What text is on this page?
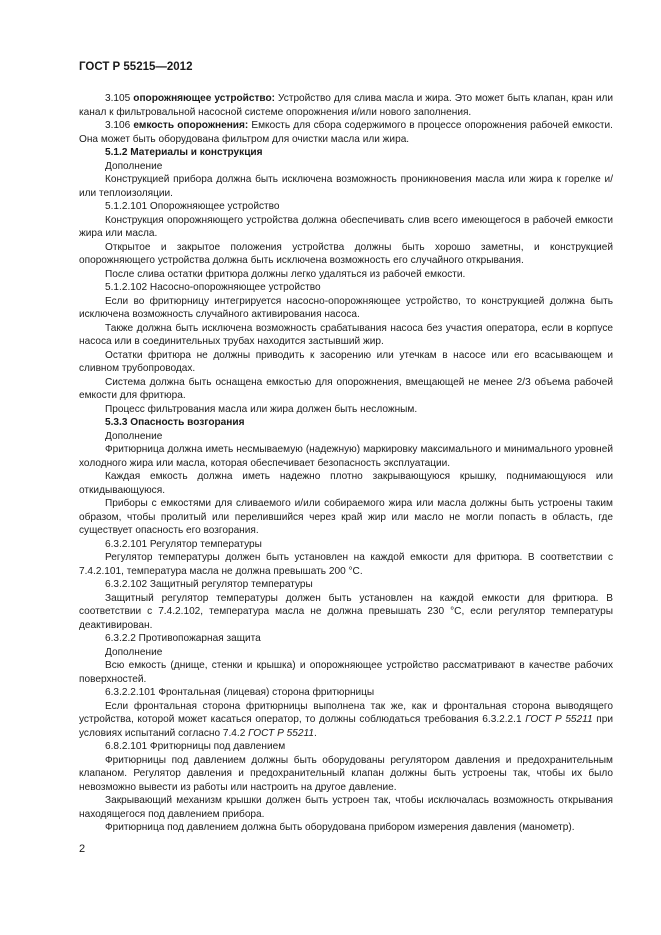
ГОСТ Р 55215—2012

3.105 опорожняющее устройство: Устройство для слива масла и жира. Это может быть клапан, кран или канал к фильтровальной насосной системе опорожнения и/или нового заполнения.

3.106 емкость опорожнения: Емкость для сбора содержимого в процессе опорожнения рабочей емкости. Она может быть оборудована фильтром для очистки масла или жира.

5.1.2 Материалы и конструкция

Дополнение

Конструкцией прибора должна быть исключена возможность проникновения масла или жира к горелке и/или теплоизоляции.

5.1.2.101 Опорожняющее устройство

Конструкция опорожняющего устройства должна обеспечивать слив всего имеющегося в рабочей емкости жира или масла.

Открытое и закрытое положения устройства должны быть хорошо заметны, и конструкцией опорожняющего устройства должна быть исключена возможность его случайного открывания.

После слива остатки фритюра должны легко удаляться из рабочей емкости.

5.1.2.102 Насосно-опорожняющее устройство

Если во фритюрницу интегрируется насосно-опорожняющее устройство, то конструкцией должна быть исключена возможность случайного активирования насоса.

Также должна быть исключена возможность срабатывания насоса без участия оператора, если в корпусе насоса или в соединительных трубах находится застывший жир.

Остатки фритюра не должны приводить к засорению или утечкам в насосе или его всасывающем и сливном трубопроводах.

Система должна быть оснащена емкостью для опорожнения, вмещающей не менее 2/3 объема рабочей емкости для фритюра.

Процесс фильтрования масла или жира должен быть несложным.

5.3.3 Опасность возгорания

Дополнение

Фритюрница должна иметь несмываемую (надежную) маркировку максимального и минимального уровней холодного жира или масла, которая обеспечивает безопасность эксплуатации.

Каждая емкость должна иметь надежно плотно закрывающуюся крышку, поднимающуюся или откидывающуюся.

Приборы с емкостями для сливаемого и/или собираемого жира или масла должны быть устроены таким образом, чтобы пролитый или перелившийся через край жир или масло не могли попасть в область, где существует опасность его возгорания.

6.3.2.101 Регулятор температуры

Регулятор температуры должен быть установлен на каждой емкости для фритюра. В соответствии с 7.4.2.101, температура масла не должна превышать 200 °C.

6.3.2.102 Защитный регулятор температуры

Защитный регулятор температуры должен быть установлен на каждой емкости для фритюра. В соответствии с 7.4.2.102, температура масла не должна превышать 230 °C, если регулятор температуры деактивирован.

6.3.2.2 Противопожарная защита

Дополнение

Всю емкость (днище, стенки и крышка) и опорожняющее устройство рассматривают в качестве рабочих поверхностей.

6.3.2.2.101 Фронтальная (лицевая) сторона фритюрницы

Если фронтальная сторона фритюрницы выполнена так же, как и фронтальная сторона выводящего устройства, которой может касаться оператор, то должны соблюдаться требования 6.3.2.2.1 ГОСТ Р 55211 при условиях испытаний согласно 7.4.2 ГОСТ Р 55211.

6.8.2.101 Фритюрницы под давлением

Фритюрницы под давлением должны быть оборудованы регулятором давления и предохранительным клапаном. Регулятор давления и предохранительный клапан должны быть устроены так, чтобы их было невозможно вывести из работы или настроить на другое давление.

Закрывающий механизм крышки должен быть устроен так, чтобы исключалась возможность открывания находящегося под давлением прибора.

Фритюрница под давлением должна быть оборудована прибором измерения давления (манометр).

2
